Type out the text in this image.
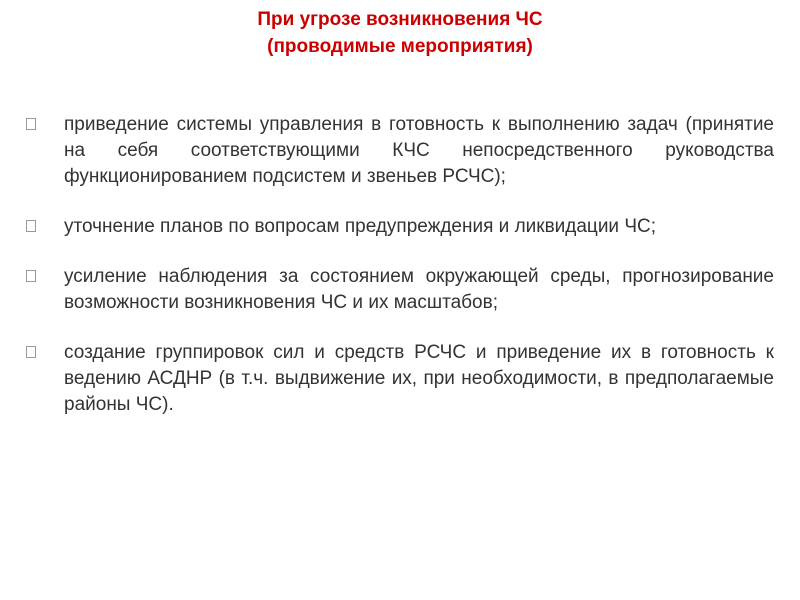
При угрозе возникновения ЧС
(проводимые мероприятия)
приведение системы управления в готовность к выполнению задач (принятие на себя соответствующими КЧС непосредственного руководства функционированием подсистем и звеньев РСЧС);
уточнение планов по вопросам предупреждения и ликвидации ЧС;
усиление наблюдения за состоянием окружающей среды, прогнозирование возможности возникновения ЧС и их масштабов;
создание группировок сил и средств РСЧС и приведение их в готовность к ведению АСДНР (в т.ч. выдвижение их, при необходимости, в предполагаемые районы ЧС).
